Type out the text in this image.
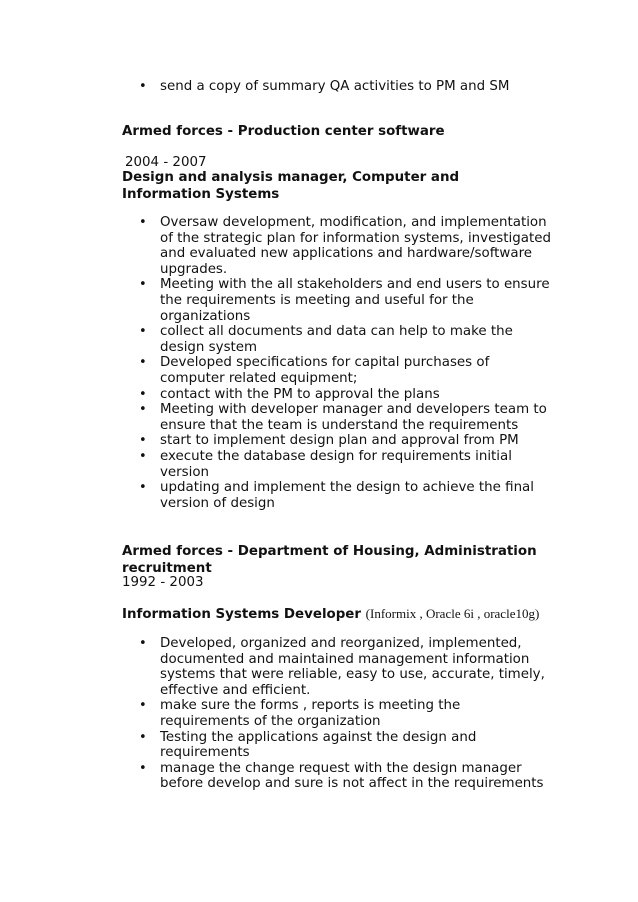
• send a copy of summary QA activities to PM and SM
Armed forces - Production center software
2004 - 2007
Design and analysis manager, Computer and Information Systems
• Oversaw development, modification, and implementation of the strategic plan for information systems, investigated and evaluated new applications and hardware/software upgrades.
• Meeting with the all stakeholders and end users to ensure the requirements is meeting and useful for the organizations
• collect all documents and data can help to make the design system
• Developed specifications for capital purchases of computer related equipment;
• contact with the PM to approval the plans
• Meeting with developer manager and developers team to ensure that the team is understand the requirements
• start to implement design plan and approval from PM
• execute the database design for requirements initial version
• updating and implement the design to achieve the final version of design
Armed forces - Department of Housing, Administration recruitment
1992 - 2003
Information Systems Developer (Informix , Oracle 6i , oracle10g)
• Developed, organized and reorganized, implemented, documented and maintained management information systems that were reliable, easy to use, accurate, timely, effective and efficient.
• make sure the forms , reports is meeting the requirements of the organization
• Testing the applications against the design and requirements
• manage the change request with the design manager before develop and sure is not affect in the requirements
